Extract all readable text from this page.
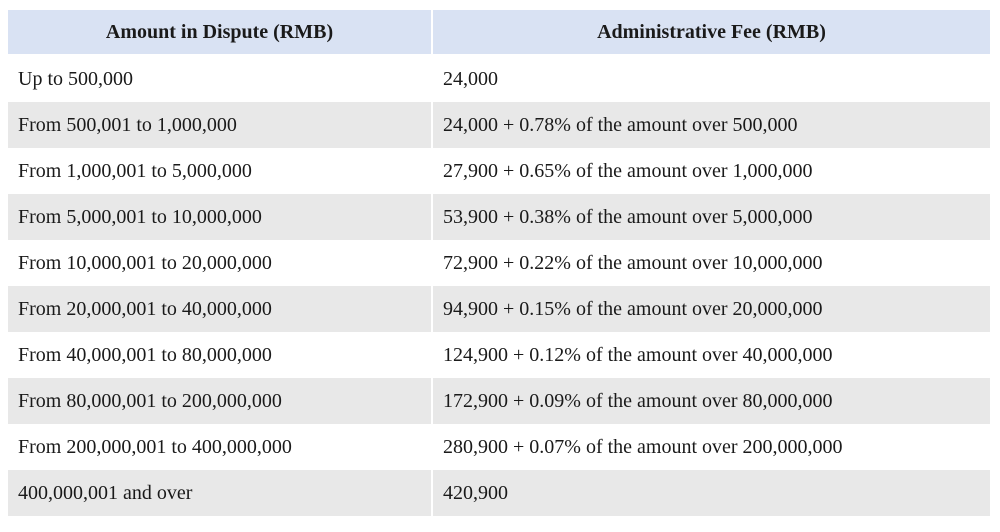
Amount in Dispute (RMB)	Administrative Fee (RMB)
Up to 500,000	24,000
From 500,001 to 1,000,000	24,000 + 0.78% of the amount over 500,000
From 1,000,001 to 5,000,000	27,900 + 0.65% of the amount over 1,000,000
From 5,000,001 to 10,000,000	53,900 + 0.38% of the amount over 5,000,000
From 10,000,001 to 20,000,000	72,900 + 0.22% of the amount over 10,000,000
From 20,000,001 to 40,000,000	94,900 + 0.15% of the amount over 20,000,000
From 40,000,001 to 80,000,000	124,900 + 0.12% of the amount over 40,000,000
From 80,000,001 to 200,000,000	172,900 + 0.09% of the amount over 80,000,000
From 200,000,001 to 400,000,000	280,900 + 0.07% of the amount over 200,000,000
400,000,001 and over	420,900
